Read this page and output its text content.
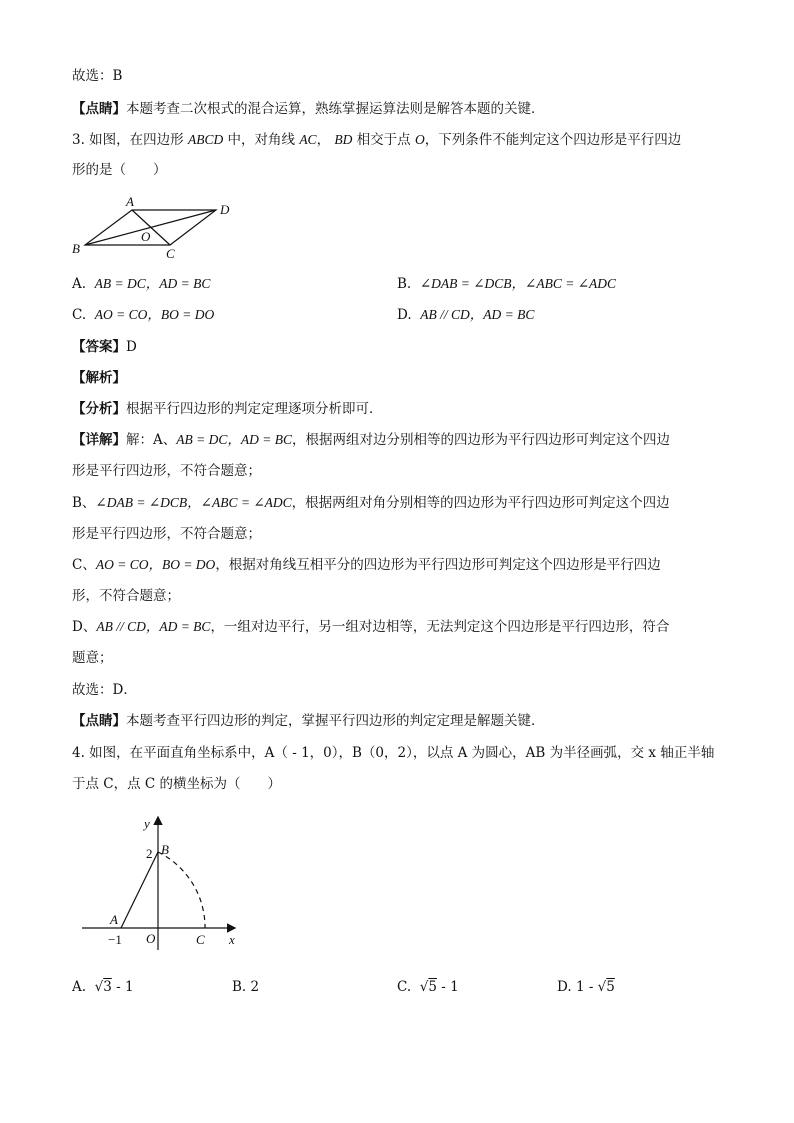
故选：B
【点睛】本题考查二次根式的混合运算，熟练掌握运算法则是解答本题的关键．
3. 如图，在四边形 ABCD 中，对角线 AC， BD 相交于点 O，下列条件不能判定这个四边形是平行四边
形的是（　　）
A
D
B
O
C
A. AB = DC，AD = BC	B. ∠DAB = ∠DCB，∠ABC = ∠ADC
C. AO = CO，BO = DO	D. AB // CD，AD = BC
【答案】D
【解析】
【分析】根据平行四边形的判定定理逐项分析即可．
【详解】解：A、AB = DC，AD = BC，根据两组对边分别相等的四边形为平行四边形可判定这个四边
形是平行四边形，不符合题意；
B、∠DAB = ∠DCB，∠ABC = ∠ADC，根据两组对角分别相等的四边形为平行四边形可判定这个四边
形是平行四边形，不符合题意；
C、AO = CO，BO = DO，根据对角线互相平分的四边形为平行四边形可判定这个四边形是平行四边
形，不符合题意；
D、AB // CD，AD = BC，一组对边平行，另一组对边相等，无法判定这个四边形是平行四边形，符合
题意；
故选：D．
【点睛】本题考查平行四边形的判定，掌握平行四边形的判定定理是解题关键．
4. 如图，在平面直角坐标系中，A（ - 1，0），B（0，2），以点 A 为圆心，AB 为半径画弧，交 x 轴正半轴
于点 C，点 C 的横坐标为（　　）
y
2 B
A
−1 O	C x
A. √3 - 1	B. 2	C. √5 - 1	D. 1 - √5
